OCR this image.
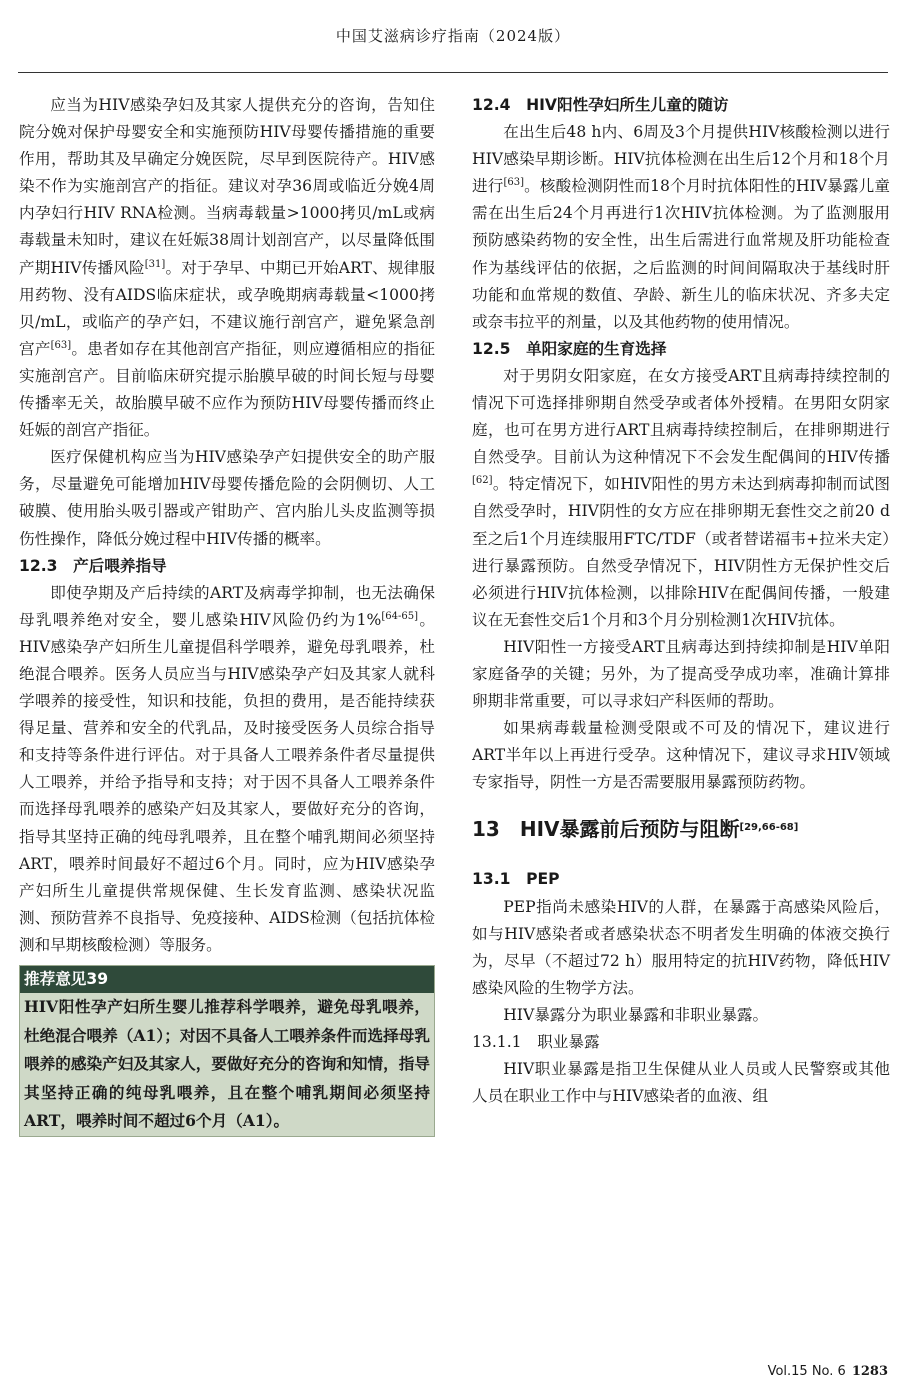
中国艾滋病诊疗指南（2024版）

应当为HIV感染孕妇及其家人提供充分的咨询，告知住院分娩对保护母婴安全和实施预防HIV母婴传播措施的重要作用，帮助其及早确定分娩医院，尽早到医院待产。HIV感染不作为实施剖宫产的指征。建议对孕36周或临近分娩4周内孕妇行HIV RNA检测。当病毒载量>1000拷贝/mL或病毒载量未知时，建议在妊娠38周计划剖宫产，以尽量降低围产期HIV传播风险[31]。对于孕早、中期已开始ART、规律服用药物、没有AIDS临床症状，或孕晚期病毒载量<1000拷贝/mL，或临产的孕产妇，不建议施行剖宫产，避免紧急剖宫产[63]。患者如存在其他剖宫产指征，则应遵循相应的指征实施剖宫产。目前临床研究提示胎膜早破的时间长短与母婴传播率无关，故胎膜早破不应作为预防HIV母婴传播而终止妊娠的剖宫产指征。

医疗保健机构应当为HIV感染孕产妇提供安全的助产服务，尽量避免可能增加HIV母婴传播危险的会阴侧切、人工破膜、使用胎头吸引器或产钳助产、宫内胎儿头皮监测等损伤性操作，降低分娩过程中HIV传播的概率。

12.3　产后喂养指导

即使孕期及产后持续的ART及病毒学抑制，也无法确保母乳喂养绝对安全，婴儿感染HIV风险仍约为1%[64-65]。HIV感染孕产妇所生儿童提倡科学喂养，避免母乳喂养，杜绝混合喂养。医务人员应当与HIV感染孕产妇及其家人就科学喂养的接受性，知识和技能，负担的费用，是否能持续获得足量、营养和安全的代乳品，及时接受医务人员综合指导和支持等条件进行评估。对于具备人工喂养条件者尽量提供人工喂养，并给予指导和支持；对于因不具备人工喂养条件而选择母乳喂养的感染产妇及其家人，要做好充分的咨询，指导其坚持正确的纯母乳喂养，且在整个哺乳期间必须坚持ART，喂养时间最好不超过6个月。同时，应为HIV感染孕产妇所生儿童提供常规保健、生长发育监测、感染状况监测、预防营养不良指导、免疫接种、AIDS检测（包括抗体检测和早期核酸检测）等服务。

推荐意见39
HIV阳性孕产妇所生婴儿推荐科学喂养，避免母乳喂养，杜绝混合喂养（A1）；对因不具备人工喂养条件而选择母乳喂养的感染产妇及其家人，要做好充分的咨询和知情，指导其坚持正确的纯母乳喂养，且在整个哺乳期间必须坚持ART，喂养时间不超过6个月（A1）。
12.4　HIV阳性孕妇所生儿童的随访

在出生后48 h内、6周及3个月提供HIV核酸检测以进行HIV感染早期诊断。HIV抗体检测在出生后12个月和18个月进行[63]。核酸检测阴性而18个月时抗体阳性的HIV暴露儿童需在出生后24个月再进行1次HIV抗体检测。为了监测服用预防感染药物的安全性，出生后需进行血常规及肝功能检查作为基线评估的依据，之后监测的时间间隔取决于基线时肝功能和血常规的数值、孕龄、新生儿的临床状况、齐多夫定或奈韦拉平的剂量，以及其他药物的使用情况。

12.5　单阳家庭的生育选择

对于男阴女阳家庭，在女方接受ART且病毒持续控制的情况下可选择排卵期自然受孕或者体外授精。在男阳女阴家庭，也可在男方进行ART且病毒持续控制后，在排卵期进行自然受孕。目前认为这种情况下不会发生配偶间的HIV传播[62]。特定情况下，如HIV阳性的男方未达到病毒抑制而试图自然受孕时，HIV阴性的女方应在排卵期无套性交之前20 d至之后1个月连续服用FTC/TDF（或者替诺福韦+拉米夫定）进行暴露预防。自然受孕情况下，HIV阴性方无保护性交后必须进行HIV抗体检测，以排除HIV在配偶间传播，一般建议在无套性交后1个月和3个月分别检测1次HIV抗体。

HIV阳性一方接受ART且病毒达到持续抑制是HIV单阳家庭备孕的关键；另外，为了提高受孕成功率，准确计算排卵期非常重要，可以寻求妇产科医师的帮助。

如果病毒载量检测受限或不可及的情况下，建议进行ART半年以上再进行受孕。这种情况下，建议寻求HIV领域专家指导，阴性一方是否需要服用暴露预防药物。

13　HIV暴露前后预防与阻断[29,66-68]
13.1　PEP

PEP指尚未感染HIV的人群，在暴露于高感染风险后，如与HIV感染者或者感染状态不明者发生明确的体液交换行为，尽早（不超过72 h）服用特定的抗HIV药物，降低HIV感染风险的生物学方法。

HIV暴露分为职业暴露和非职业暴露。

13.1.1　职业暴露

HIV职业暴露是指卫生保健从业人员或人民警察或其他人员在职业工作中与HIV感染者的血液、组

Vol.15 No. 6 1283
